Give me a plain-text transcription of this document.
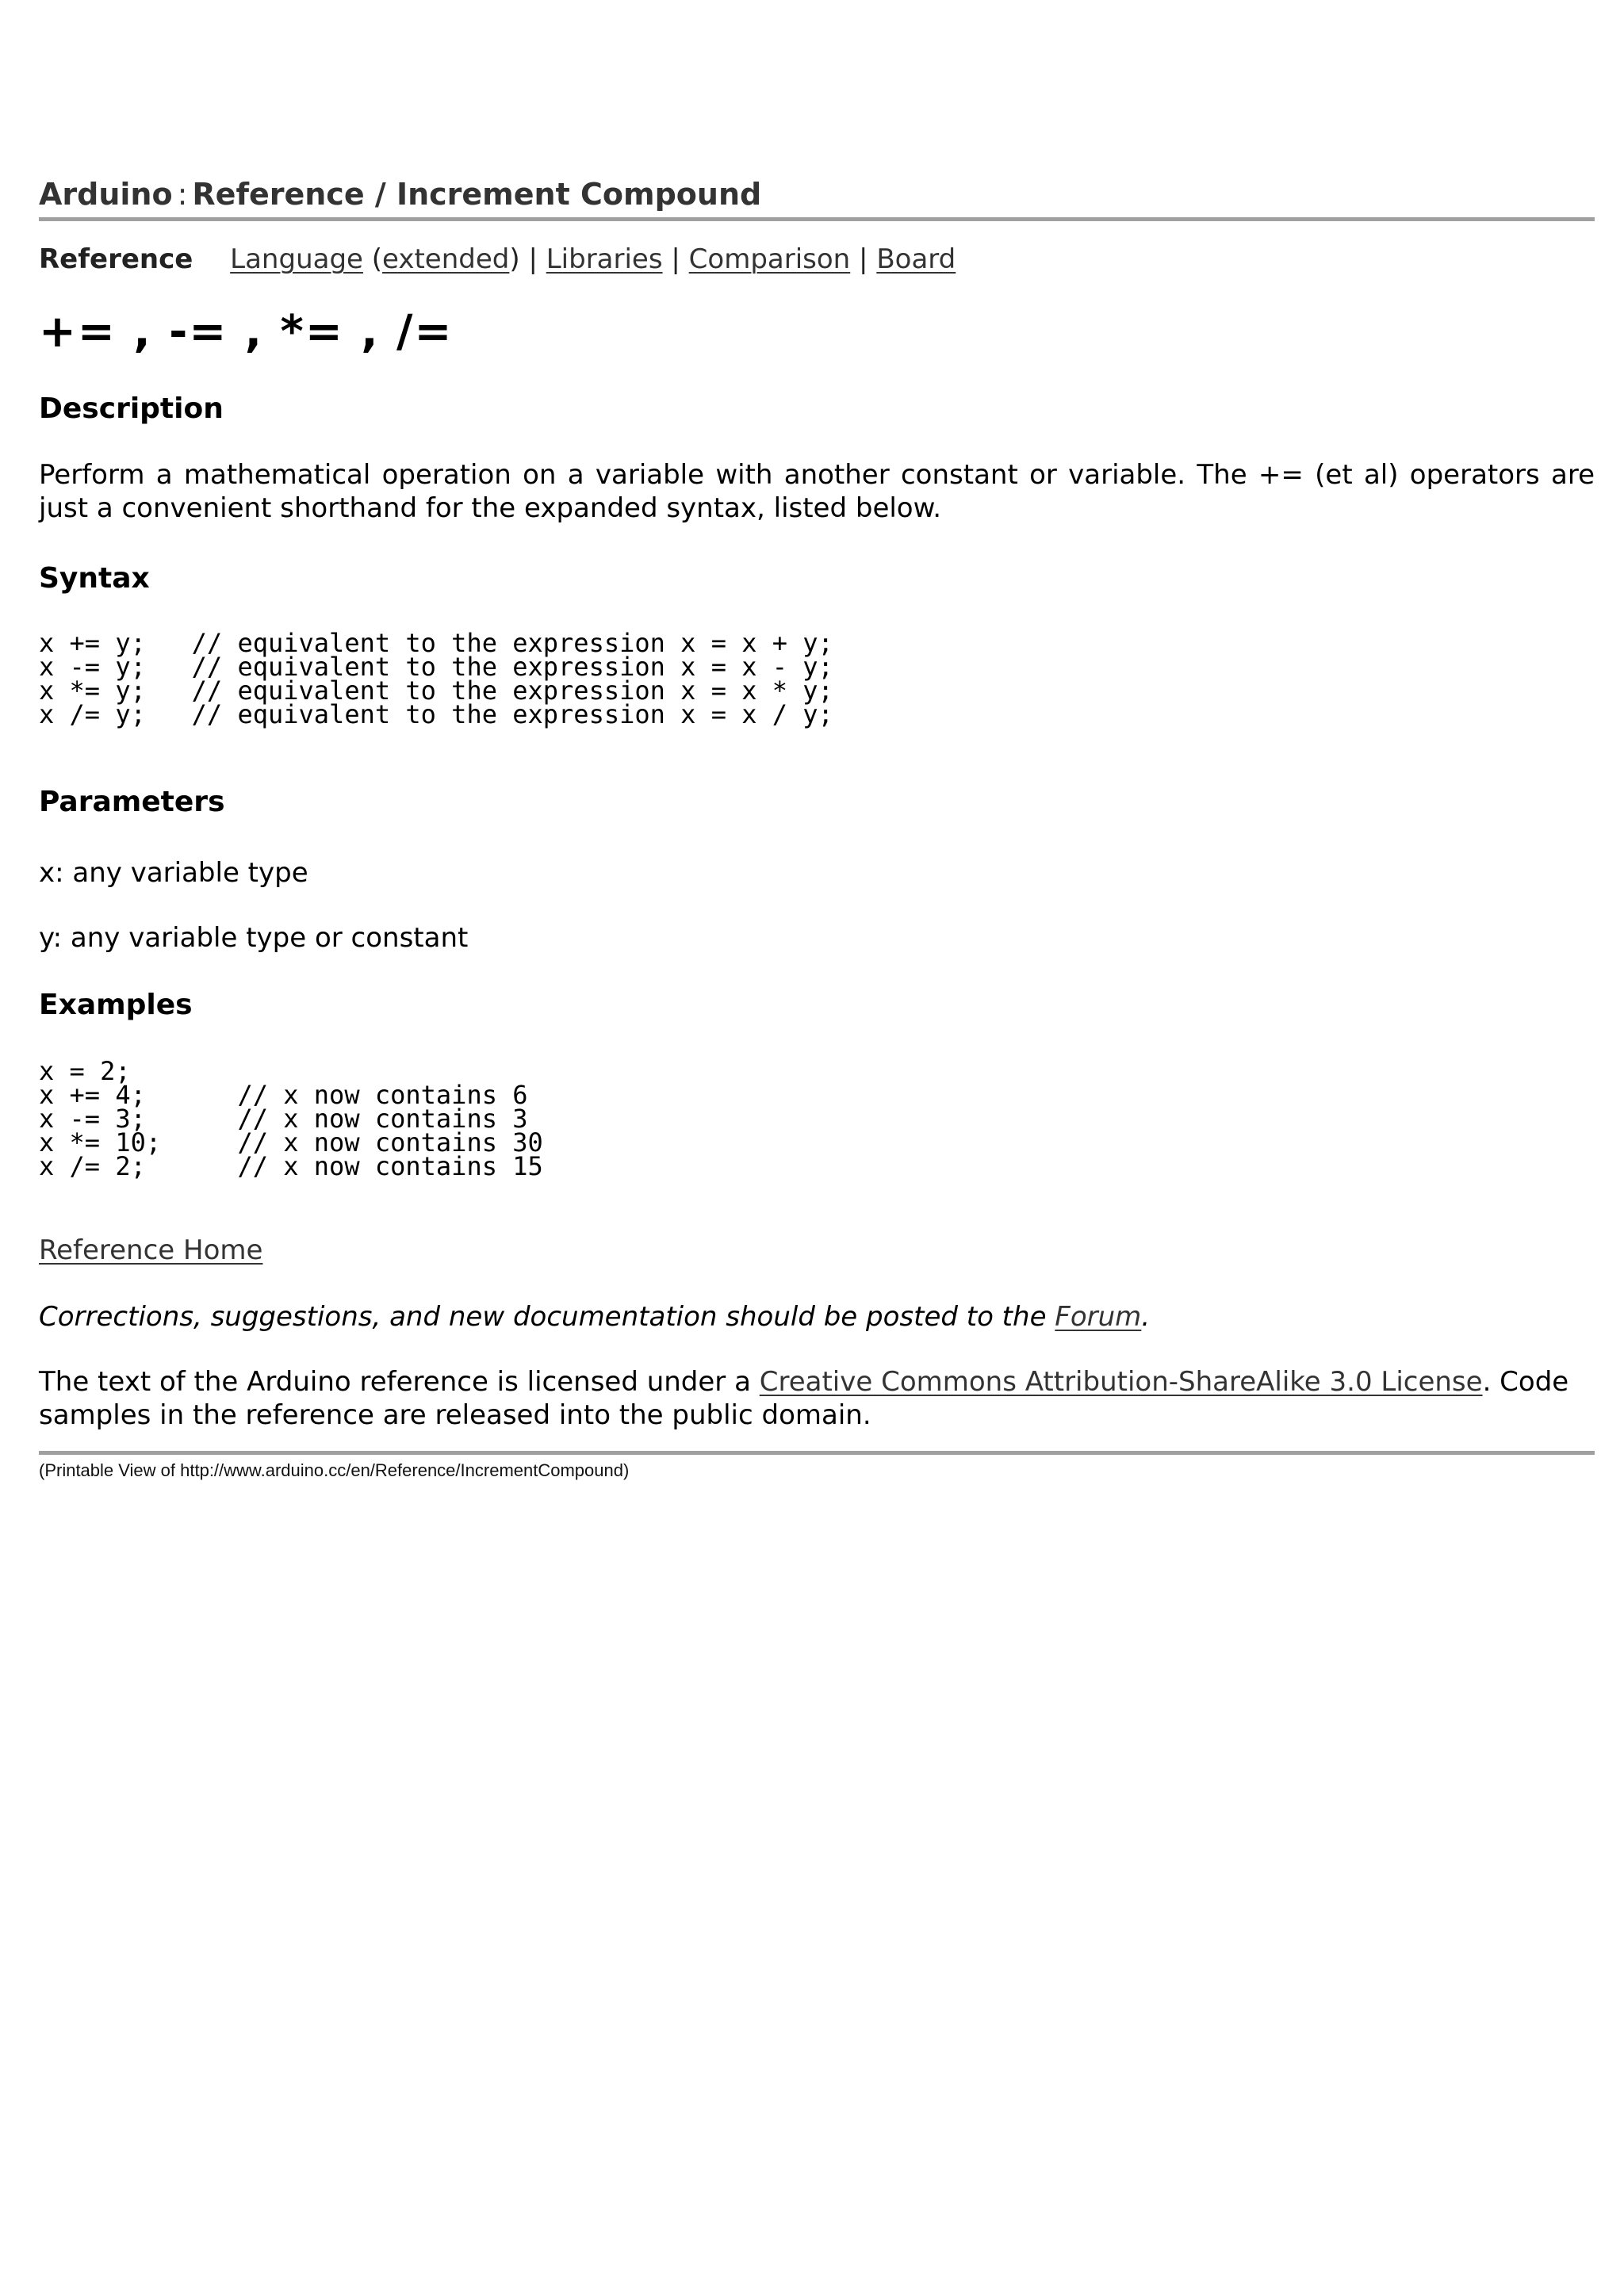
Arduino : Reference / Increment Compound
Reference Language (extended) | Libraries | Comparison | Board
+= , -= , *= , /=
Description

Perform a mathematical operation on a variable with another constant or variable. The += (et al) operators are just a convenient shorthand for the expanded syntax, listed below.

Syntax
x += y;   // equivalent to the expression x = x + y;
x -= y;   // equivalent to the expression x = x - y;
x *= y;   // equivalent to the expression x = x * y;
x /= y;   // equivalent to the expression x = x / y;
Parameters

x: any variable type

y: any variable type or constant

Examples
x = 2;
x += 4;      // x now contains 6
x -= 3;      // x now contains 3
x *= 10;     // x now contains 30
x /= 2;      // x now contains 15

Reference Home

Corrections, suggestions, and new documentation should be posted to the Forum.

The text of the Arduino reference is licensed under a Creative Commons Attribution-ShareAlike 3.0 License. Code samples in the reference are released into the public domain.

(Printable View of http://www.arduino.cc/en/Reference/IncrementCompound)
